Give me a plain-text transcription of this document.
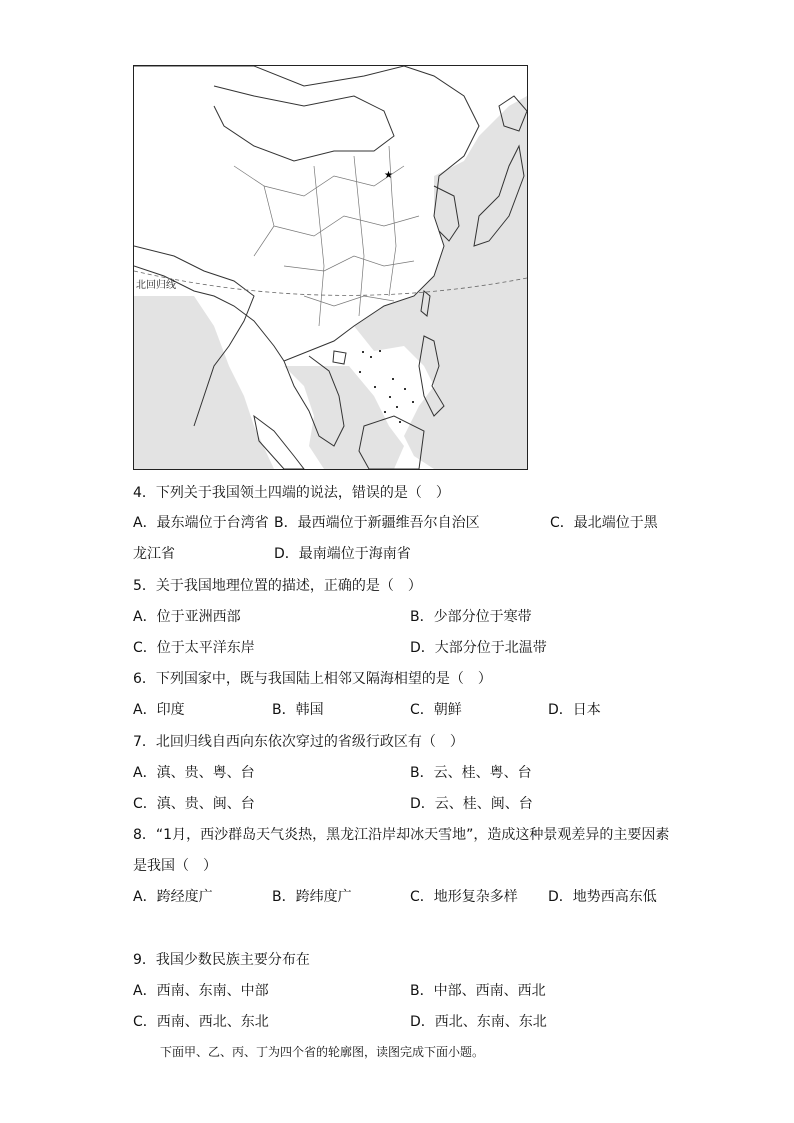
北回归线
★
4．下列关于我国领土四端的说法，错误的是（　）
A．最东端位于台湾省 B．最西端位于新疆维吾尔自治区	C．最北端位于黑
龙江省	D．最南端位于海南省
5．关于我国地理位置的描述，正确的是（　）
A．位于亚洲西部	B．少部分位于寒带
C．位于太平洋东岸	D．大部分位于北温带
6．下列国家中，既与我国陆上相邻又隔海相望的是（　）
A．印度	B．韩国	C．朝鲜	D．日本
7．北回归线自西向东依次穿过的省级行政区有（　）
A．滇、贵、粤、台	B．云、桂、粤、台
C．滇、贵、闽、台	D．云、桂、闽、台
8．“1月，西沙群岛天气炎热，黑龙江沿岸却冰天雪地”，造成这种景观差异的主要因素
是我国（　）
A．跨经度广	B．跨纬度广	C．地形复杂多样 D．地势西高东低
9．我国少数民族主要分布在
A．西南、东南、中部	B．中部、西南、西北
C．西南、西北、东北	D．西北、东南、东北
下面甲、乙、丙、丁为四个省的轮廓图，读图完成下面小题。
